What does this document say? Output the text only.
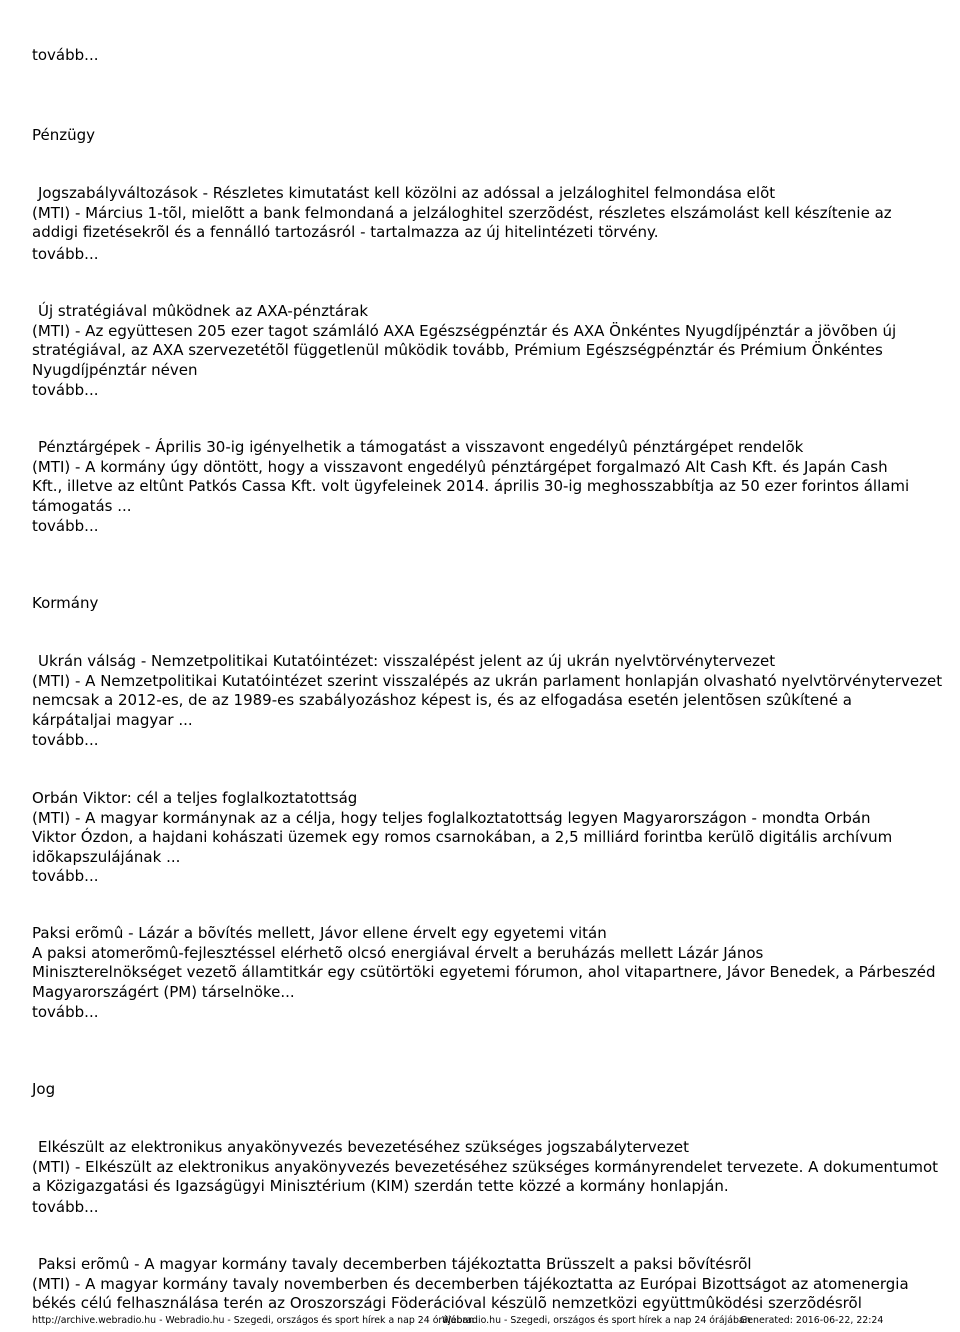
tovább...
Pénzügy
Jogszabályváltozások - Részletes kimutatást kell közölni az adóssal a jelzáloghitel felmondása elõt
(MTI) - Március 1-tõl, mielõtt a bank felmondaná a jelzáloghitel szerzõdést, részletes elszámolást kell készítenie az
addigi fizetésekrõl és a fennálló tartozásról - tartalmazza az új hitelintézeti törvény.
tovább...
Új stratégiával mûködnek az AXA-pénztárak
(MTI) - Az együttesen 205 ezer tagot számláló AXA Egészségpénztár és AXA Önkéntes Nyugdíjpénztár a jövõben új
stratégiával, az AXA szervezetétõl függetlenül mûködik tovább, Prémium Egészségpénztár és Prémium Önkéntes
Nyugdíjpénztár néven
tovább...
Pénztárgépek - Április 30-ig igényelhetik a támogatást a visszavont engedélyû pénztárgépet rendelõk
(MTI) - A kormány úgy döntött, hogy a visszavont engedélyû pénztárgépet forgalmazó Alt Cash Kft. és Japán Cash
Kft., illetve az eltûnt Patkós Cassa Kft. volt ügyfeleinek 2014. április 30-ig meghosszabbítja az 50 ezer forintos állami
támogatás ...
tovább...
Kormány
Ukrán válság - Nemzetpolitikai Kutatóintézet: visszalépést jelent az új ukrán nyelvtörvénytervezet
(MTI) - A Nemzetpolitikai Kutatóintézet szerint visszalépés az ukrán parlament honlapján olvasható nyelvtörvénytervezet
nemcsak a 2012-es, de az 1989-es szabályozáshoz képest is, és az elfogadása esetén jelentõsen szûkítené a
kárpátaljai magyar ...
tovább...
Orbán Viktor: cél a teljes foglalkoztatottság
(MTI) - A magyar kormánynak az a célja, hogy teljes foglalkoztatottság legyen Magyarországon - mondta Orbán
Viktor Ózdon, a hajdani kohászati üzemek egy romos csarnokában, a 2,5 milliárd forintba kerülõ digitális archívum
idõkapszulájának ...
tovább...
Paksi erõmû - Lázár a bõvítés mellett, Jávor ellene érvelt egy egyetemi vitán
A paksi atomerõmû-fejlesztéssel elérhetõ olcsó energiával érvelt a beruházás mellett Lázár János
Miniszterelnökséget vezetõ államtitkár egy csütörtöki egyetemi fórumon, ahol vitapartnere, Jávor Benedek, a Párbeszéd
Magyarországért (PM) társelnöke...
tovább...
Jog
Elkészült az elektronikus anyakönyvezés bevezetéséhez szükséges jogszabálytervezet
(MTI) - Elkészült az elektronikus anyakönyvezés bevezetéséhez szükséges kormányrendelet tervezete. A dokumentumot
a Közigazgatási és Igazságügyi Minisztérium (KIM) szerdán tette közzé a kormány honlapján.
tovább...
Paksi erõmû - A magyar kormány tavaly decemberben tájékoztatta Brüsszelt a paksi bõvítésrõl
(MTI) - A magyar kormány tavaly novemberben és decemberben tájékoztatta az Európai Bizottságot az atomenergia
békés célú felhasználása terén az Oroszországi Föderációval készülõ nemzetközi együttmûködési szerzõdésrõl
http://archive.webradio.hu - Webradio.hu - Szegedi, országos és sport hírek a nap 24 órájában
Webradio.hu - Szegedi, országos és sport hírek a nap 24 órájában
Generated: 2016-06-22, 22:24
